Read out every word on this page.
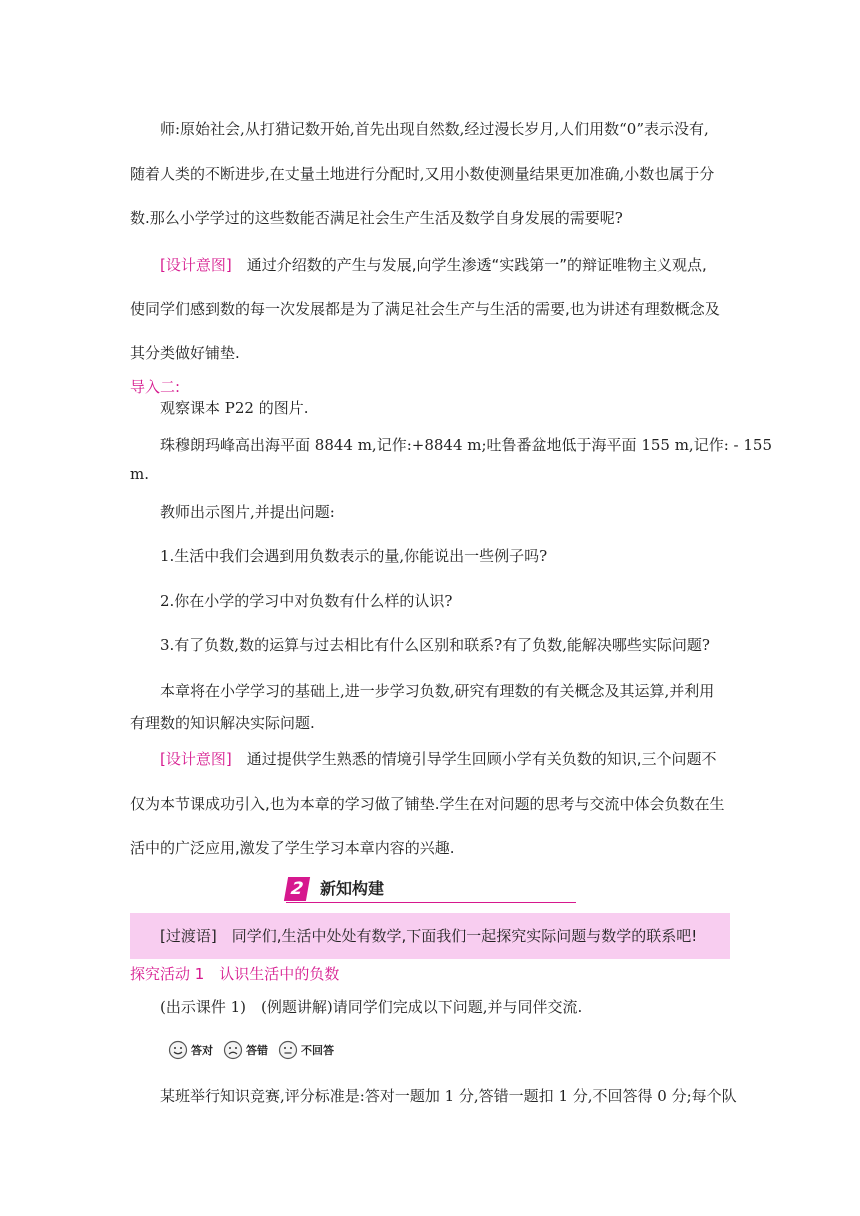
师:原始社会,从打猎记数开始,首先出现自然数,经过漫长岁月,人们用数“0”表示没有,

随着人类的不断进步,在丈量土地进行分配时,又用小数使测量结果更加准确,小数也属于分

数.那么小学学过的这些数能否满足社会生产生活及数学自身发展的需要呢?

[设计意图]　 通过介绍数的产生与发展,向学生渗透“实践第一”的辩证唯物主义观点,

使同学们感到数的每一次发展都是为了满足社会生产与生活的需要,也为讲述有理数概念及

其分类做好铺垫.

导入二:

观察课本 P22 的图片.

珠穆朗玛峰高出海平面 8844 m,记作:+8844 m;吐鲁番盆地低于海平面 155 m,记作: - 155

m.

教师出示图片,并提出问题:

1.生活中我们会遇到用负数表示的量,你能说出一些例子吗?

2.你在小学的学习中对负数有什么样的认识?

3.有了负数,数的运算与过去相比有什么区别和联系?有了负数,能解决哪些实际问题?

本章将在小学学习的基础上,进一步学习负数,研究有理数的有关概念及其运算,并利用

有理数的知识解决实际问题.

[设计意图]　 通过提供学生熟悉的情境引导学生回顾小学有关负数的知识,三个问题不

仅为本节课成功引入,也为本章的学习做了铺垫.学生在对问题的思考与交流中体会负数在生

活中的广泛应用,激发了学生学习本章内容的兴趣.

2 新知构建
[过渡语]　同学们,生活中处处有数学,下面我们一起探究实际问题与数学的联系吧!

探究活动 1　认识生活中的负数

(出示课件 1)　(例题讲解)请同学们完成以下问题,并与同伴交流.

答对	答错	不回答

某班举行知识竞赛,评分标准是:答对一题加 1 分,答错一题扣 1 分,不回答得 0 分;每个队
